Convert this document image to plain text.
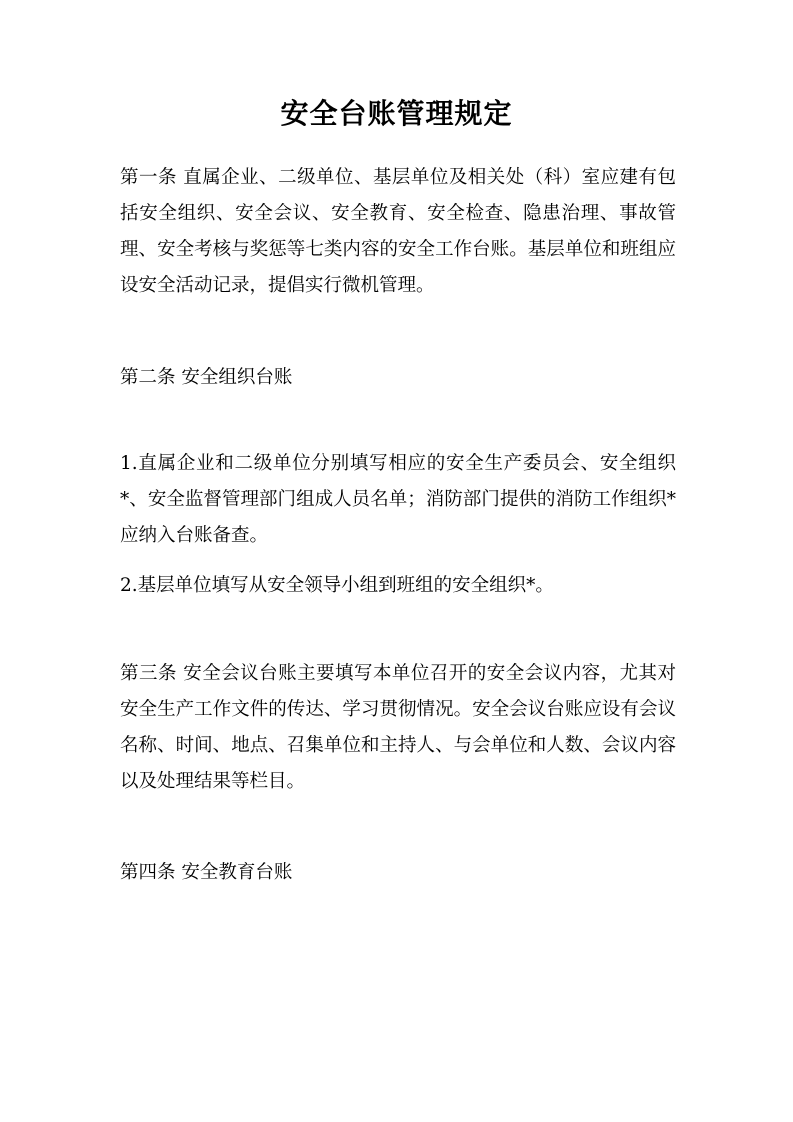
安全台账管理规定

第一条 直属企业、二级单位、基层单位及相关处（科）室应建有包括安全组织、安全会议、安全教育、安全检查、隐患治理、事故管理、安全考核与奖惩等七类内容的安全工作台账。基层单位和班组应设安全活动记录，提倡实行微机管理。

第二条 安全组织台账

1.直属企业和二级单位分别填写相应的安全生产委员会、安全组织*、安全监督管理部门组成人员名单；消防部门提供的消防工作组织*应纳入台账备查。

2.基层单位填写从安全领导小组到班组的安全组织*。

第三条 安全会议台账主要填写本单位召开的安全会议内容，尤其对安全生产工作文件的传达、学习贯彻情况。安全会议台账应设有会议名称、时间、地点、召集单位和主持人、与会单位和人数、会议内容以及处理结果等栏目。

第四条 安全教育台账
